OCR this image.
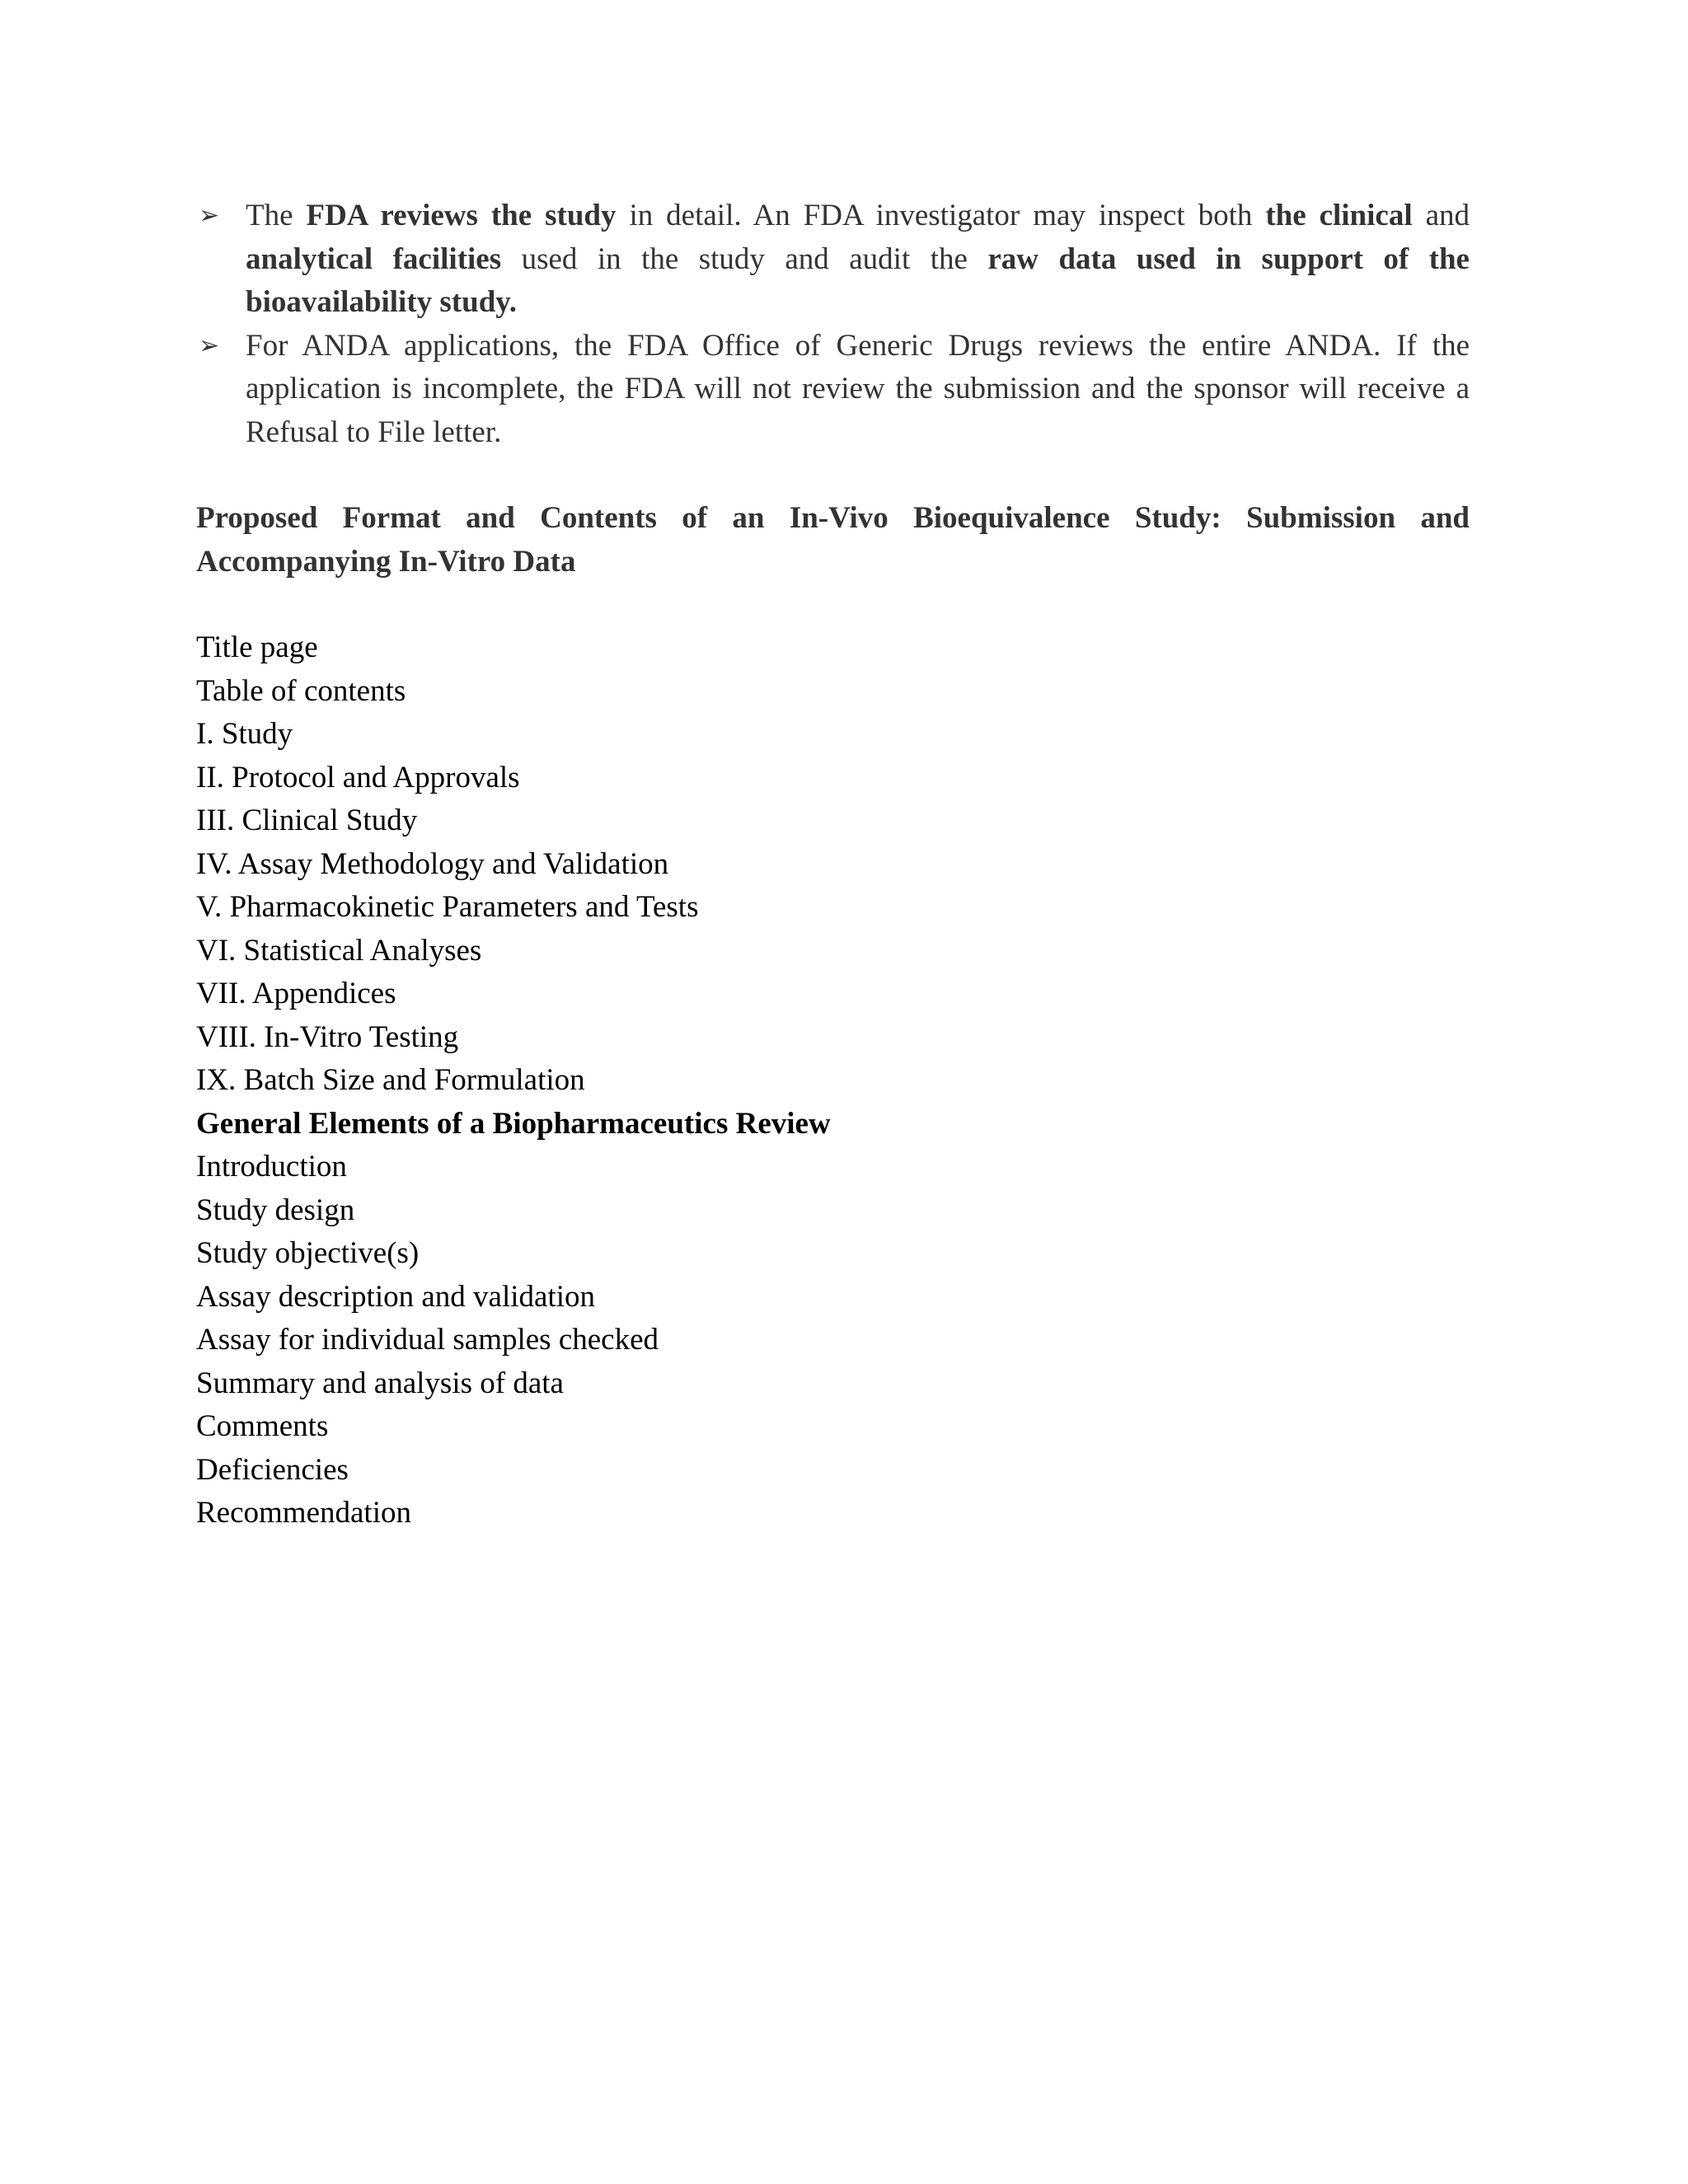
➢ The FDA reviews the study in detail. An FDA investigator may inspect both the clinical and analytical facilities used in the study and audit the raw data used in support of the bioavailability study.
➢ For ANDA applications, the FDA Office of Generic Drugs reviews the entire ANDA. If the application is incomplete, the FDA will not review the submission and the sponsor will receive a Refusal to File letter.
Proposed Format and Contents of an In-Vivo Bioequivalence Study: Submission and Accompanying In-Vitro Data
Title page
Table of contents
I. Study
II. Protocol and Approvals
III. Clinical Study
IV. Assay Methodology and Validation
V. Pharmacokinetic Parameters and Tests
VI. Statistical Analyses
VII. Appendices
VIII. In-Vitro Testing
IX. Batch Size and Formulation
General Elements of a Biopharmaceutics Review
Introduction
Study design
Study objective(s)
Assay description and validation
Assay for individual samples checked
Summary and analysis of data
Comments
Deficiencies
Recommendation
